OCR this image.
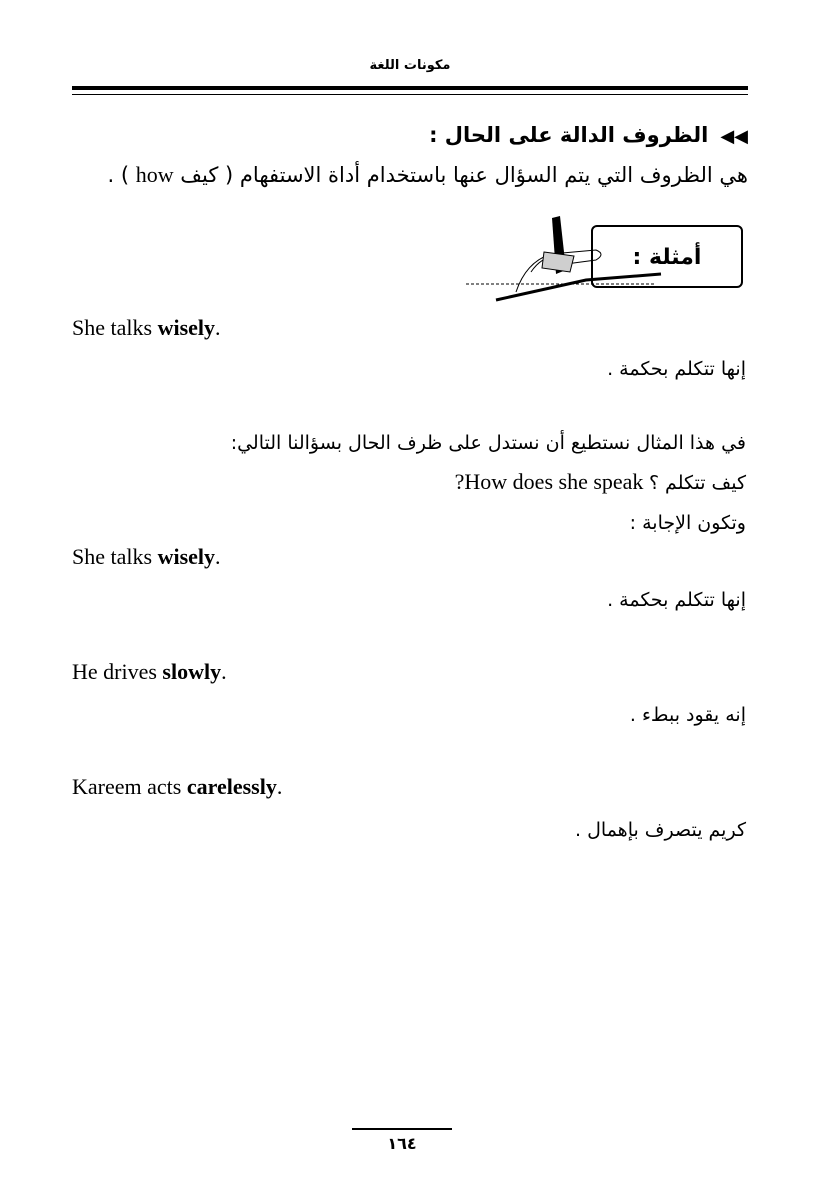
مكونات اللغة
◀◀الظروف الدالة على الحال :
هي الظروف التي يتم السؤال عنها باستخدام أداة الاستفهام ( كيف how ) .
أمثلة :
She talks wisely.
إنها تتكلم بحكمة .
في هذا المثال نستطيع أن نستدل على ظرف الحال بسؤالنا التالي:
كيف تتكلم ؟ How does she speak?
وتكون الإجابة :
She talks wisely.
إنها تتكلم بحكمة .
He drives slowly.
إنه يقود ببطء .
Kareem acts carelessly.
كريم يتصرف بإهمال .
١٦٤
